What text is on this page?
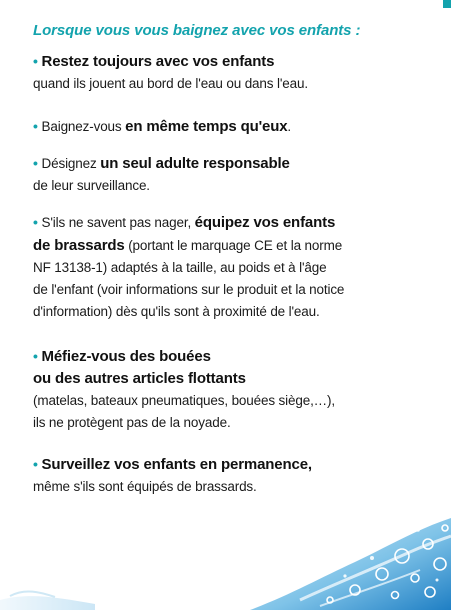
Lorsque vous vous baignez avec vos enfants :
• Restez toujours avec vos enfants
quand ils jouent au bord de l'eau ou dans l'eau.
• Baignez-vous en même temps qu'eux.
• Désignez un seul adulte responsable
de leur surveillance.
• S'ils ne savent pas nager, équipez vos enfants
de brassards (portant le marquage CE et la norme
NF 13138-1) adaptés à la taille, au poids et à l'âge
de l'enfant (voir informations sur le produit et la notice
d'information) dès qu'ils sont à proximité de l'eau.
• Méfiez-vous des bouées
ou des autres articles flottants
(matelas, bateaux pneumatiques, bouées siège,…),
ils ne protègent pas de la noyade.
• Surveillez vos enfants en permanence,
même s'ils sont équipés de brassards.
